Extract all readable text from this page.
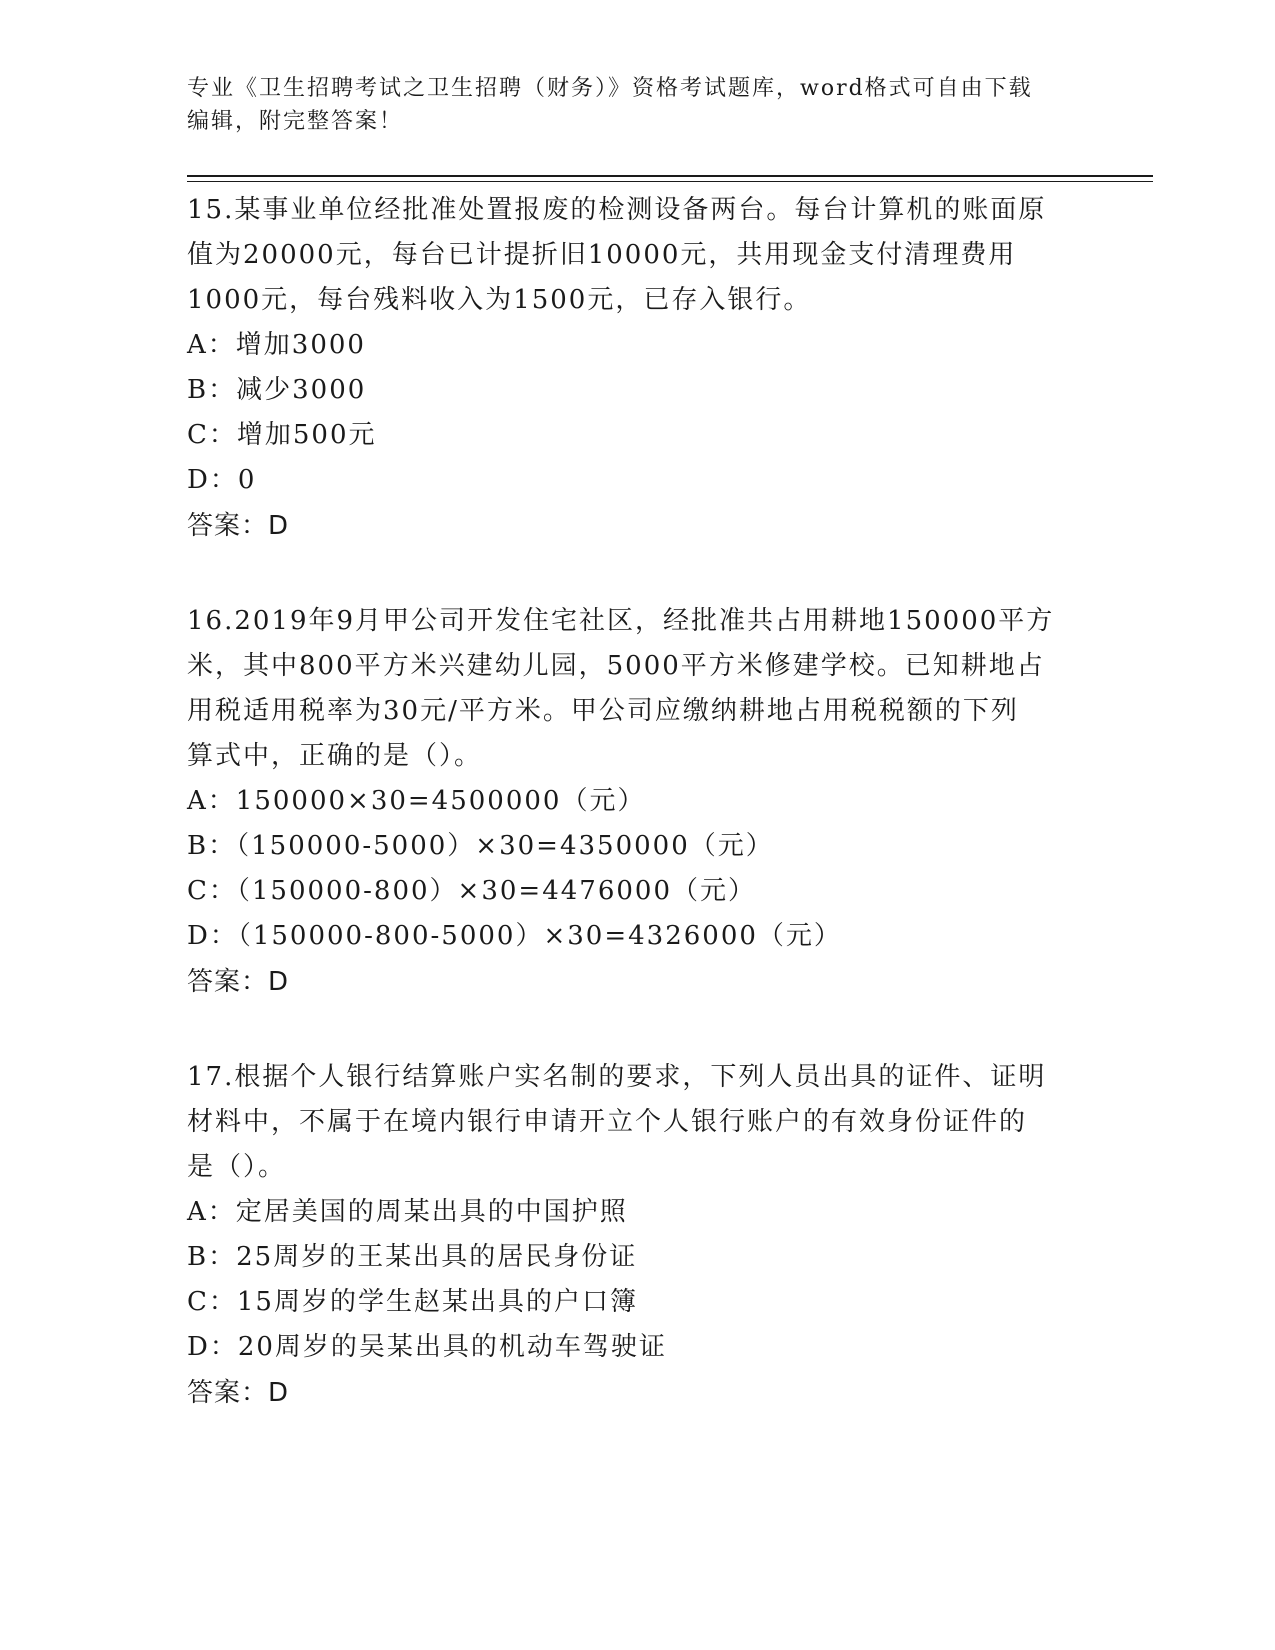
专业《卫生招聘考试之卫生招聘（财务）》资格考试题库，word格式可自由下载
编辑，附完整答案！
15.某事业单位经批准处置报废的检测设备两台。每台计算机的账面原
值为20000元，每台已计提折旧10000元，共用现金支付清理费用
1000元，每台残料收入为1500元，已存入银行。
A：增加3000
B：减少3000
C：增加500元
D：0
答案：D
16.2019年9月甲公司开发住宅社区，经批准共占用耕地150000平方
米，其中800平方米兴建幼儿园，5000平方米修建学校。已知耕地占
用税适用税率为30元/平方米。甲公司应缴纳耕地占用税税额的下列
算式中，正确的是（）。
A：150000×30=4500000（元）
B：（150000-5000）×30=4350000（元）
C：（150000-800）×30=4476000（元）
D：（150000-800-5000）×30=4326000（元）
答案：D
17.根据个人银行结算账户实名制的要求，下列人员出具的证件、证明
材料中，不属于在境内银行申请开立个人银行账户的有效身份证件的
是（）。
A：定居美国的周某出具的中国护照
B：25周岁的王某出具的居民身份证
C：15周岁的学生赵某出具的户口簿
D：20周岁的吴某出具的机动车驾驶证
答案：D
